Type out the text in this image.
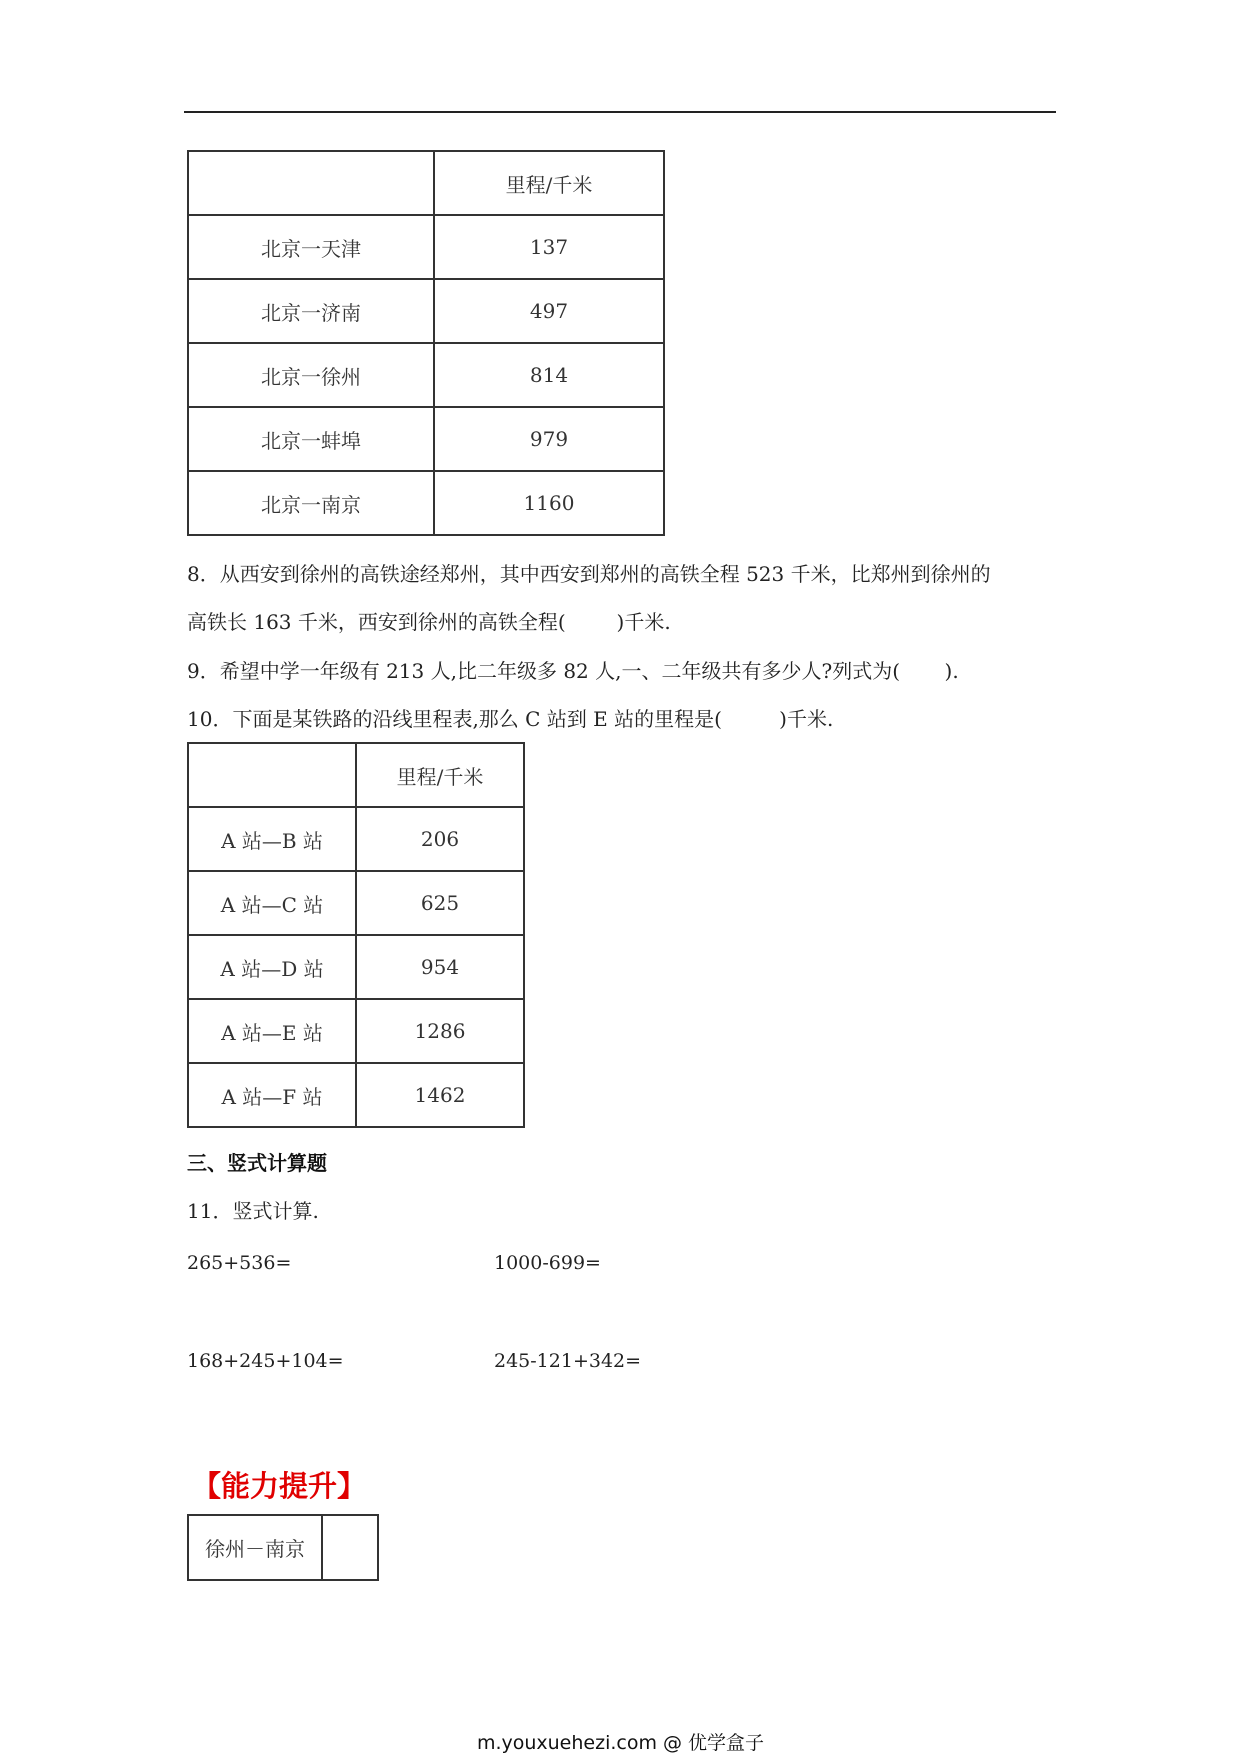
	里程/千米
北京一天津	137
北京一济南	497
北京一徐州	814
北京一蚌埠	979
北京一南京	1160
8．从西安到徐州的高铁途经郑州，其中西安到郑州的高铁全程 523 千米，比郑州到徐州的
高铁长 163 千米，西安到徐州的高铁全程(        )千米.
9．希望中学一年级有 213 人,比二年级多 82 人,一、二年级共有多少人?列式为(       ).
10．下面是某铁路的沿线里程表,那么 C 站到 E 站的里程是(         )千米.
	里程/千米
A 站—B 站	206
A 站—C 站	625
A 站—D 站	954
A 站—E 站	1286
A 站—F 站	1462
三、竖式计算题
11．竖式计算.
265+536=	1000-699=
168+245+104=	245-121+342=
【能力提升】
徐州－南京	
m.youxuehezi.com @ 优学盒子
